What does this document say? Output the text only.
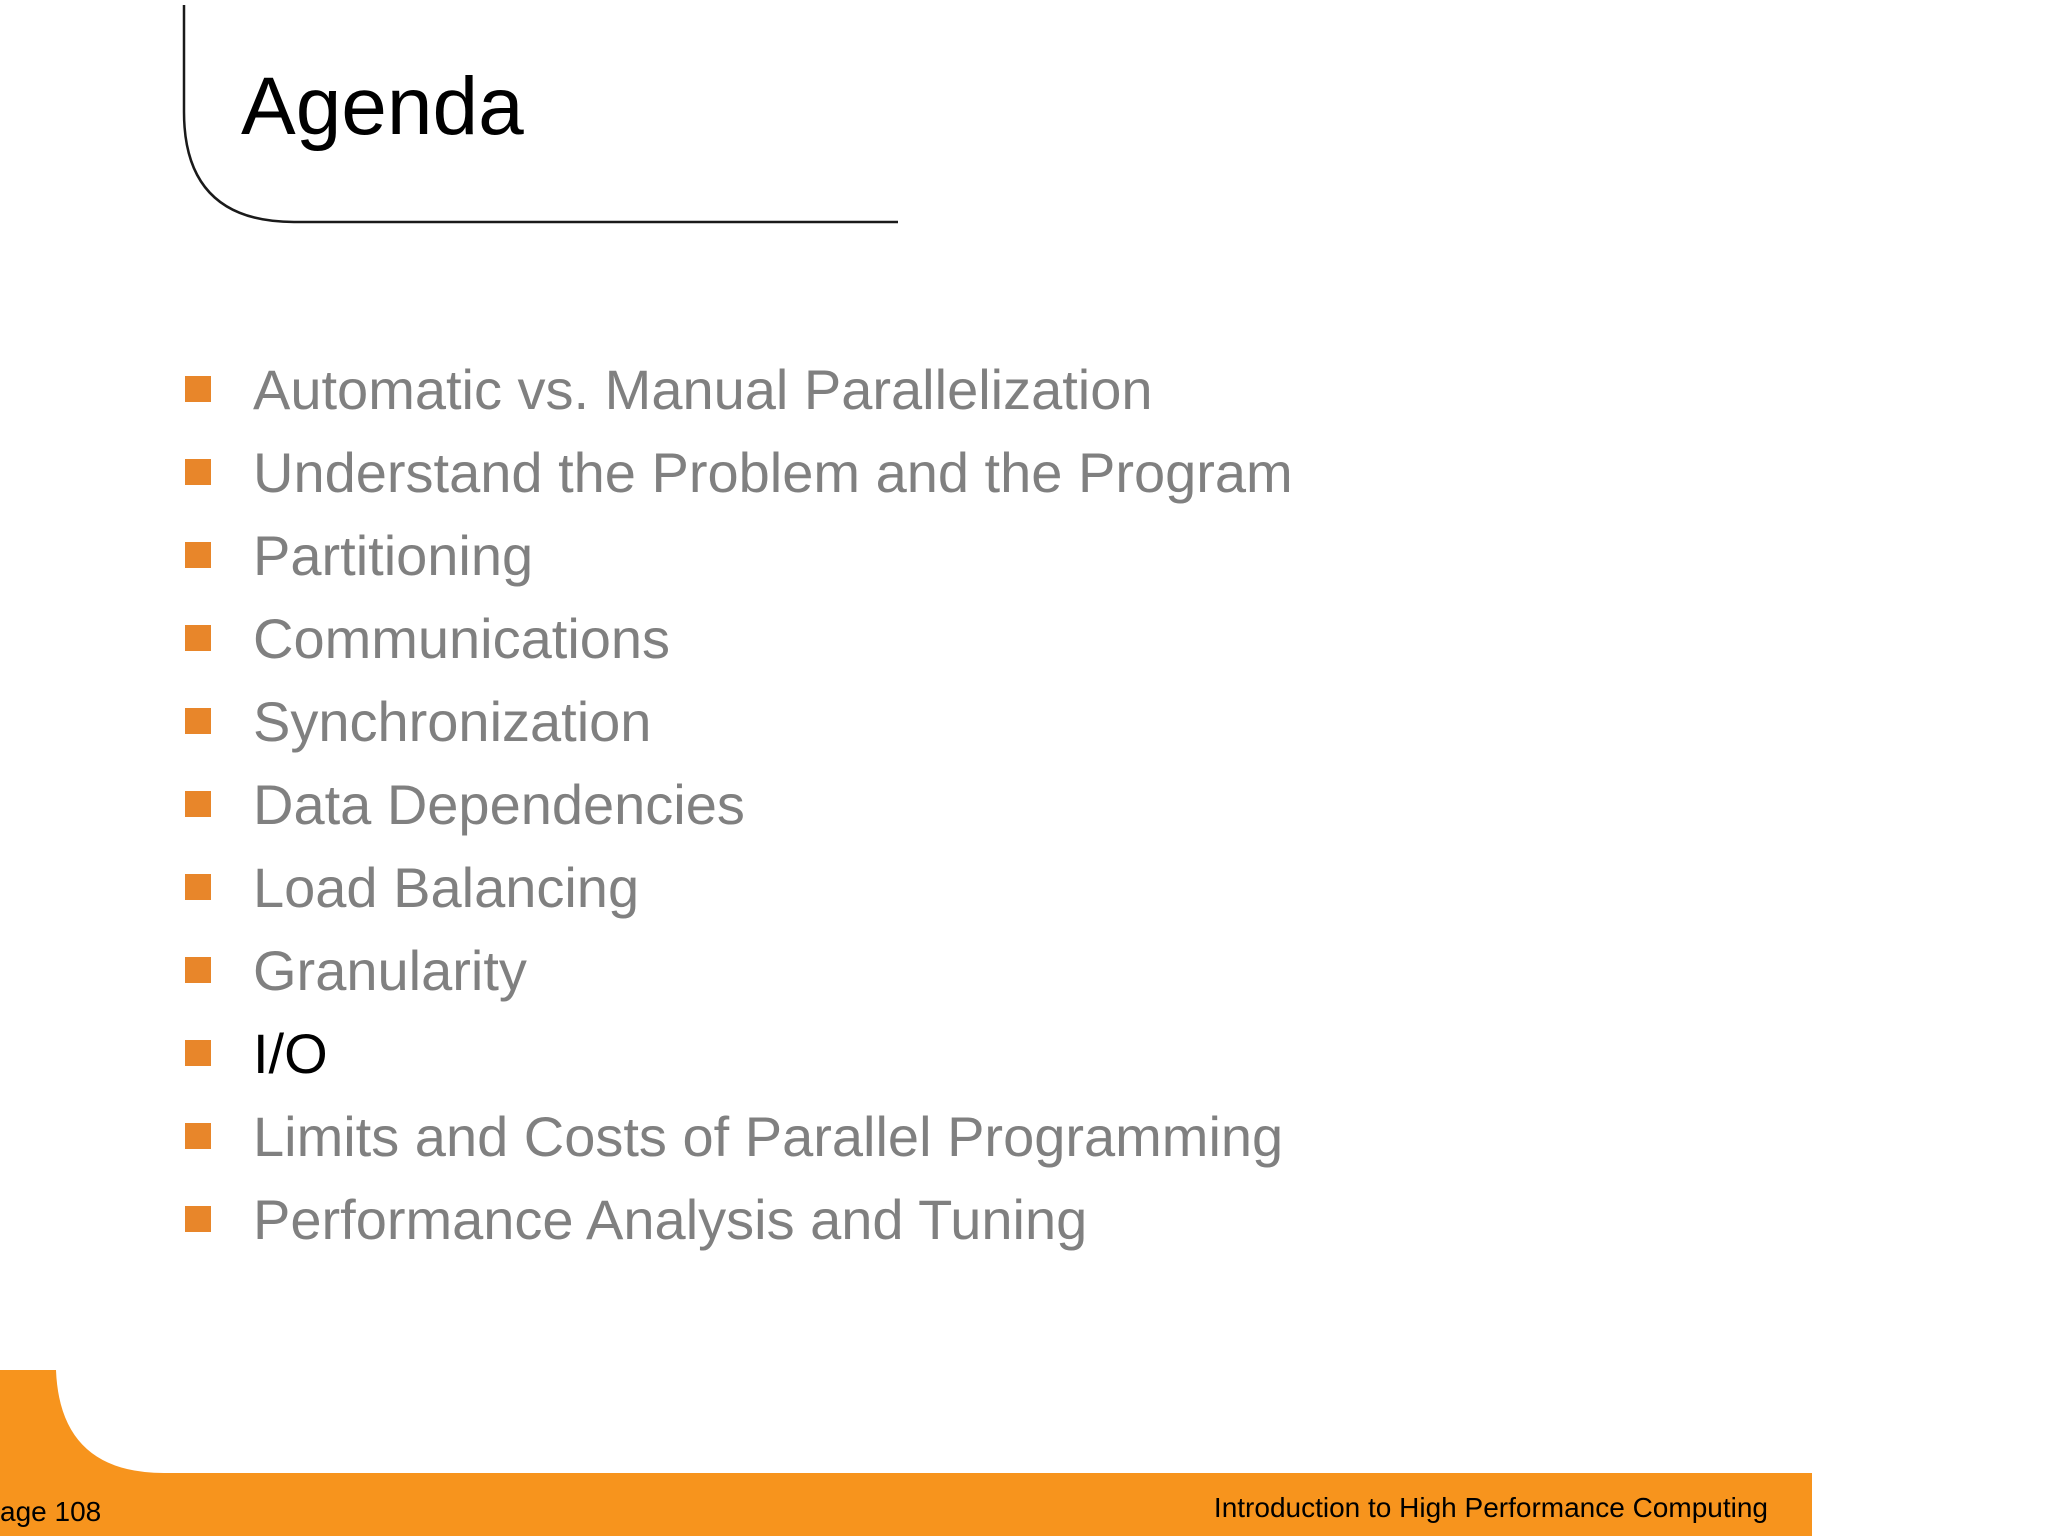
Agenda
Automatic vs. Manual Parallelization
Understand the Problem and the Program
Partitioning
Communications
Synchronization
Data Dependencies
Load Balancing
Granularity
I/O
Limits and Costs of Parallel Programming
Performance Analysis and Tuning
age 108	Introduction to High Performance Computing
